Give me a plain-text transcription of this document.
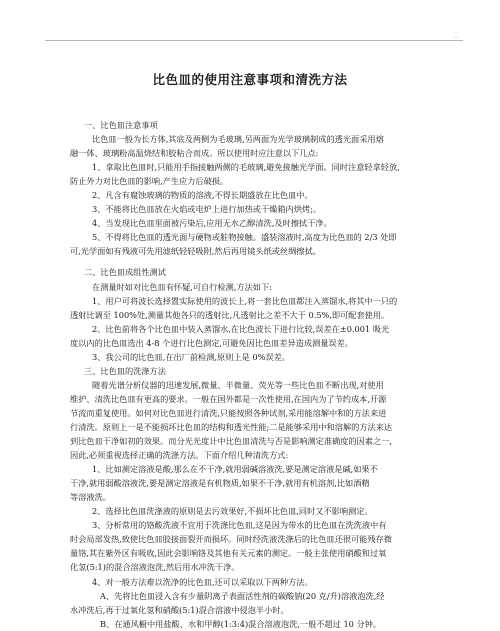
-
比色皿的使用注意事项和清洗方法
一、比色皿注意事项
比色皿一般为长方体,其底及两侧为毛玻璃,另两面为光学玻璃制成的透光面采用熔
融一体、玻璃粉高温烧结和胶粘合而成。所以使用时应注意以下几点:
1、拿取比色皿时,只能用手指接触两侧的毛玻璃,避免接触光学面。同时注意轻拿轻放,
防止外力对比色皿的影响,产生应力后破损。
2、凡含有腐蚀玻璃的物质的溶液,不得长期盛放在比色皿中。
3、不能将比色皿放在火焰或电炉上进行加热或干燥箱内烘烤;。
4、当发现比色皿里面被污染后,应用无水乙醇清洗,及时擦拭干净。
5、不得将比色皿的透光面与硬物或脏物接触。盛装溶液时,高度为比色皿的 2/3 处即
可,光学面如有残液可先用滤纸轻轻吸附,然后再用镜头纸或丝绸擦拭。
二、比色皿成组性测试
在测量时如对比色皿有怀疑,可自行检测,方法如下:
1、用户可将波长选择置实际使用的波长上,将一套比色皿都注入蒸馏水,将其中一只的
透射比调至 100%处,测量其他各只的透射比,凡透射比之差不大于 0.5%,即可配套使用。
2、比色前将各个比色皿中装入蒸馏水,在比色波长下进行比较,误差在±0.001 吸光
度以内的比色皿选出 4-8 个进行比色测定,可避免因比色皿差异造成测量误差。
3、我公司的比色皿,在出厂前检测,原则上是 0%误差。
三、比色皿的洗涤方法
随着光谱分析仪器的迅速发展,微量、半微量、荧光等一些比色皿不断出现,对使用
维护、清洗比色皿有更高的要求。一般在国外都是一次性使用,在国内为了节约成本,开源
节流而重复使用。如何对比色皿进行清洗,只能按照各种试剂,采用能溶解中和的方法来进
行清洗。原则上一是不能损坏比色皿的结构和透光性能;二是能够采用中和溶解的方法来达
到比色皿干净如初的效果。而分光光度计中比色皿清洗与否是影响测定准确度的因素之一,
因此,必须重视选择正确的洗涤方法。下面介绍几种清洗方式:
1、比如测定溶液是酸,那么在不干净,就用弱碱溶液洗,要是测定溶液是碱,如果不
干净,就用弱酸溶液洗,要是测定溶液是有机物质,如果不干净,就用有机溶剂,比如酒精
等溶液洗。
2、选择比色皿洗涤液的原则是去污效果好,不损坏比色皿,同时又不影响测定。
3、分析常用的铬酸洗液不宜用于洗涤比色皿,这是因为带水的比色皿在洗洗液中有
时会局部发热,致使比色皿胶接面裂开而损坏。同时经洗液洗涤后的比色皿还很可能残存微
量铬,其在紫外区有吸收,因此会影响铬及其他有关元素的测定。一般主张使用硝酸和过氧
化氢(5:1)的混合溶液泡洗,然后用水冲洗干净。
4、对一般方法难以洗净的比色皿,还可以采取以下两种方法。
A、先将比色皿浸入含有少量阴离子表面活性剂的碳酸钠(20 克/升)溶液泡洗,经
水冲洗后,再于过氧化氢和硝酸(5:1)混合溶液中侵泡半小时。
B、在通风橱中用盐酸、水和甲醇(1:3:4)混合溶液泡洗,一般不超过 10 分钟。
